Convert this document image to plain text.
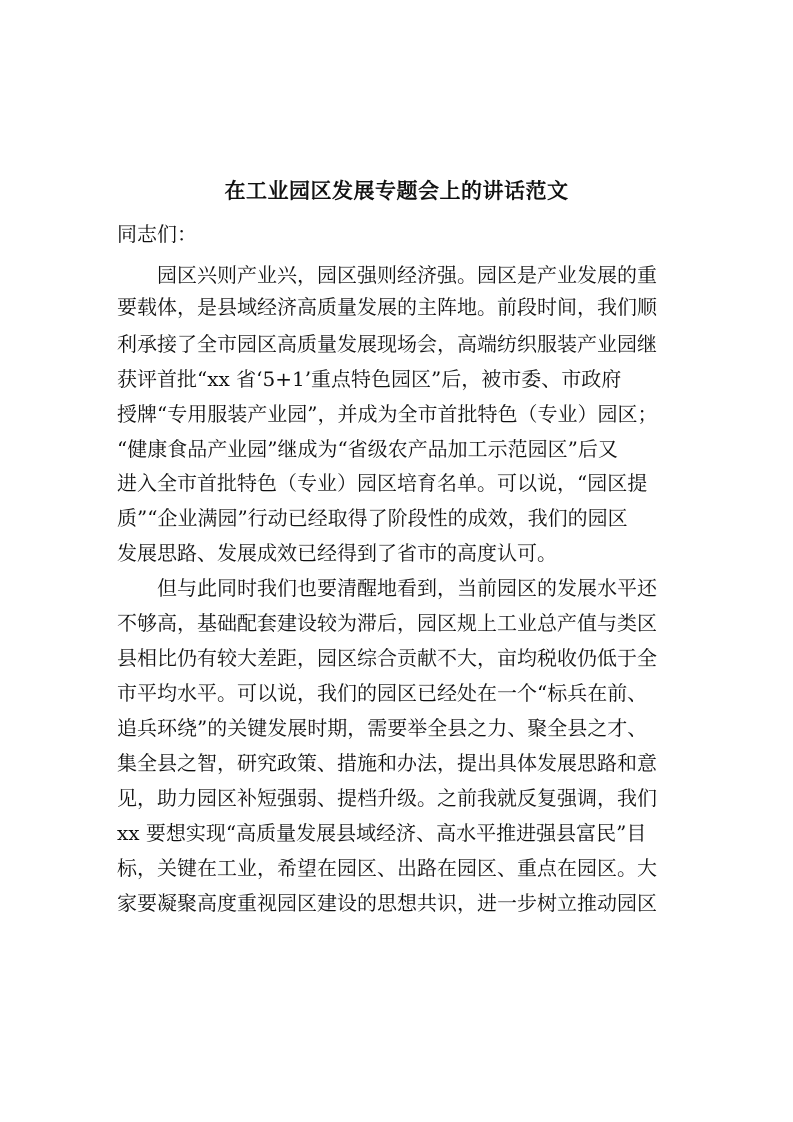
在工业园区发展专题会上的讲话范文
同志们：
园区兴则产业兴，园区强则经济强。园区是产业发展的重
要载体，是县域经济高质量发展的主阵地。前段时间，我们顺
利承接了全市园区高质量发展现场会，高端纺织服装产业园继
获评首批“xx 省‘5+1’重点特色园区”后，被市委、市政府
授牌“专用服装产业园”，并成为全市首批特色（专业）园区；
“健康食品产业园”继成为“省级农产品加工示范园区”后又
进入全市首批特色（专业）园区培育名单。可以说，“园区提
质”“企业满园”行动已经取得了阶段性的成效，我们的园区
发展思路、发展成效已经得到了省市的高度认可。
但与此同时我们也要清醒地看到，当前园区的发展水平还
不够高，基础配套建设较为滞后，园区规上工业总产值与类区
县相比仍有较大差距，园区综合贡献不大，亩均税收仍低于全
市平均水平。可以说，我们的园区已经处在一个“标兵在前、
追兵环绕”的关键发展时期，需要举全县之力、聚全县之才、
集全县之智，研究政策、措施和办法，提出具体发展思路和意
见，助力园区补短强弱、提档升级。之前我就反复强调，我们
xx 要想实现“高质量发展县域经济、高水平推进强县富民”目
标，关键在工业，希望在园区、出路在园区、重点在园区。大
家要凝聚高度重视园区建设的思想共识，进一步树立推动园区
